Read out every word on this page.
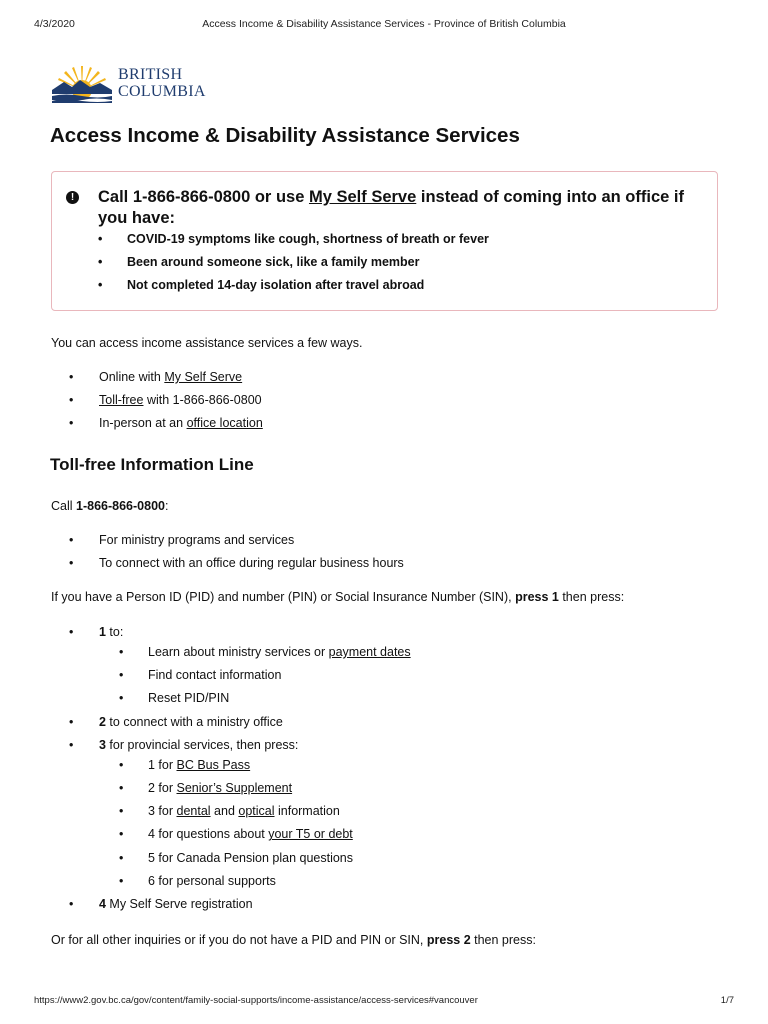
4/3/2020	Access Income & Disability Assistance Services - Province of British Columbia
BRITISH
COLUMBIA
Access Income & Disability Assistance Services
! Call 1-866-866-0800 or use My Self Serve instead of coming into an office if you have:
• COVID-19 symptoms like cough, shortness of breath or fever
• Been around someone sick, like a family member
• Not completed 14-day isolation after travel abroad

You can access income assistance services a few ways.

• Online with My Self Serve
• Toll-free with 1-866-866-0800
• In-person at an office location
Toll-free Information Line

Call 1-866-866-0800:

• For ministry programs and services
• To connect with an office during regular business hours

If you have a Person ID (PID) and number (PIN) or Social Insurance Number (SIN), press 1 then press:

• 1 to:
• Learn about ministry services or payment dates
• Find contact information
• Reset PID/PIN
• 2 to connect with a ministry office
• 3 for provincial services, then press:
• 1 for BC Bus Pass
• 2 for Senior’s Supplement
• 3 for dental and optical information
• 4 for questions about your T5 or debt
• 5 for Canada Pension plan questions
• 6 for personal supports
• 4 My Self Serve registration

Or for all other inquiries or if you do not have a PID and PIN or SIN, press 2 then press:

https://www2.gov.bc.ca/gov/content/family-social-supports/income-assistance/access-services#vancouver	1/7
